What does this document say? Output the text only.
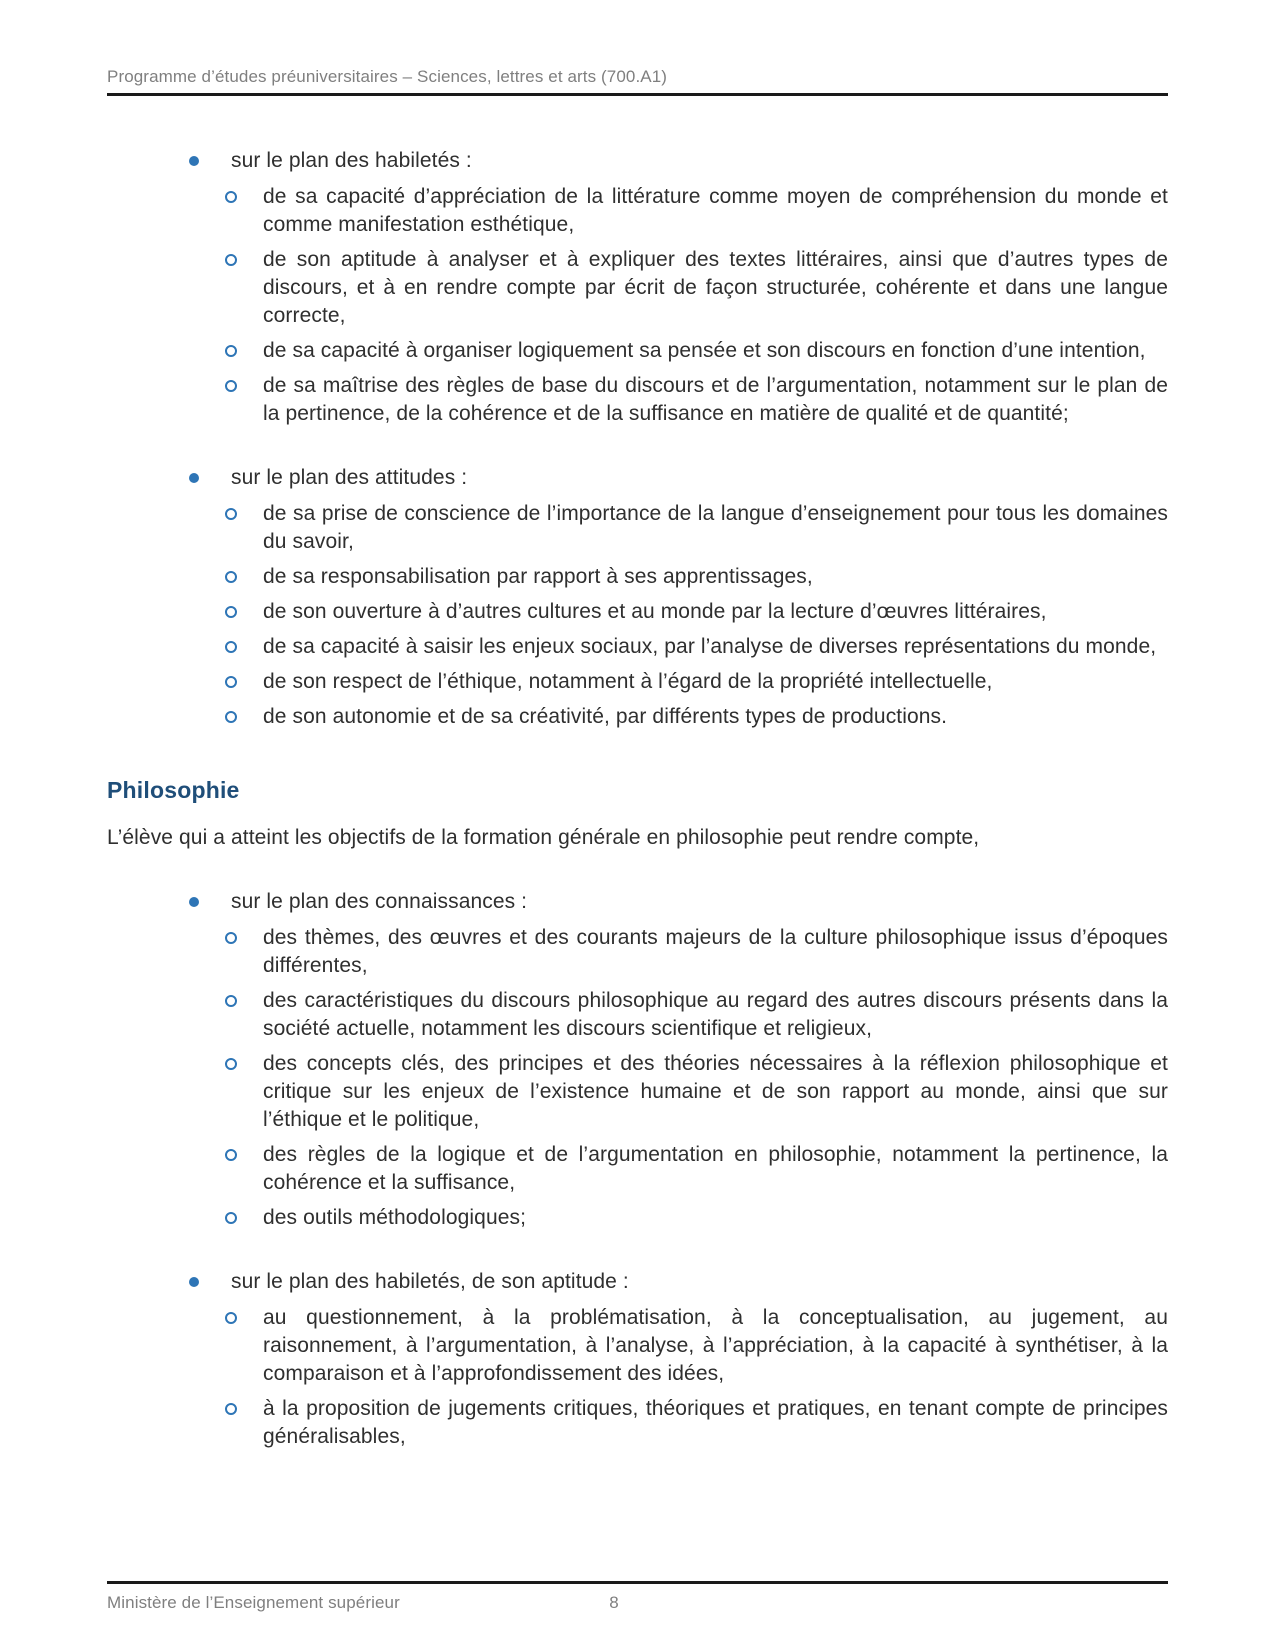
Programme d’études préuniversitaires – Sciences, lettres et arts (700.A1)
sur le plan des habiletés :
de sa capacité d’appréciation de la littérature comme moyen de compréhension du monde et comme manifestation esthétique,
de son aptitude à analyser et à expliquer des textes littéraires, ainsi que d’autres types de discours, et à en rendre compte par écrit de façon structurée, cohérente et dans une langue correcte,
de sa capacité à organiser logiquement sa pensée et son discours en fonction d’une intention,
de sa maîtrise des règles de base du discours et de l’argumentation, notamment sur le plan de la pertinence, de la cohérence et de la suffisance en matière de qualité et de quantité;
sur le plan des attitudes :
de sa prise de conscience de l’importance de la langue d’enseignement pour tous les domaines du savoir,
de sa responsabilisation par rapport à ses apprentissages,
de son ouverture à d’autres cultures et au monde par la lecture d’œuvres littéraires,
de sa capacité à saisir les enjeux sociaux, par l’analyse de diverses représentations du monde,
de son respect de l’éthique, notamment à l’égard de la propriété intellectuelle,
de son autonomie et de sa créativité, par différents types de productions.
Philosophie

L’élève qui a atteint les objectifs de la formation générale en philosophie peut rendre compte,

sur le plan des connaissances :
des thèmes, des œuvres et des courants majeurs de la culture philosophique issus d’époques différentes,
des caractéristiques du discours philosophique au regard des autres discours présents dans la société actuelle, notamment les discours scientifique et religieux,
des concepts clés, des principes et des théories nécessaires à la réflexion philosophique et critique sur les enjeux de l’existence humaine et de son rapport au monde, ainsi que sur l’éthique et le politique,
des règles de la logique et de l’argumentation en philosophie, notamment la pertinence, la cohérence et la suffisance,
des outils méthodologiques;
sur le plan des habiletés, de son aptitude :
au questionnement, à la problématisation, à la conceptualisation, au jugement, au raisonnement, à l’argumentation, à l’analyse, à l’appréciation, à la capacité à synthétiser, à la comparaison et à l’approfondissement des idées,
à la proposition de jugements critiques, théoriques et pratiques, en tenant compte de principes généralisables,
Ministère de l’Enseignement supérieur	8
